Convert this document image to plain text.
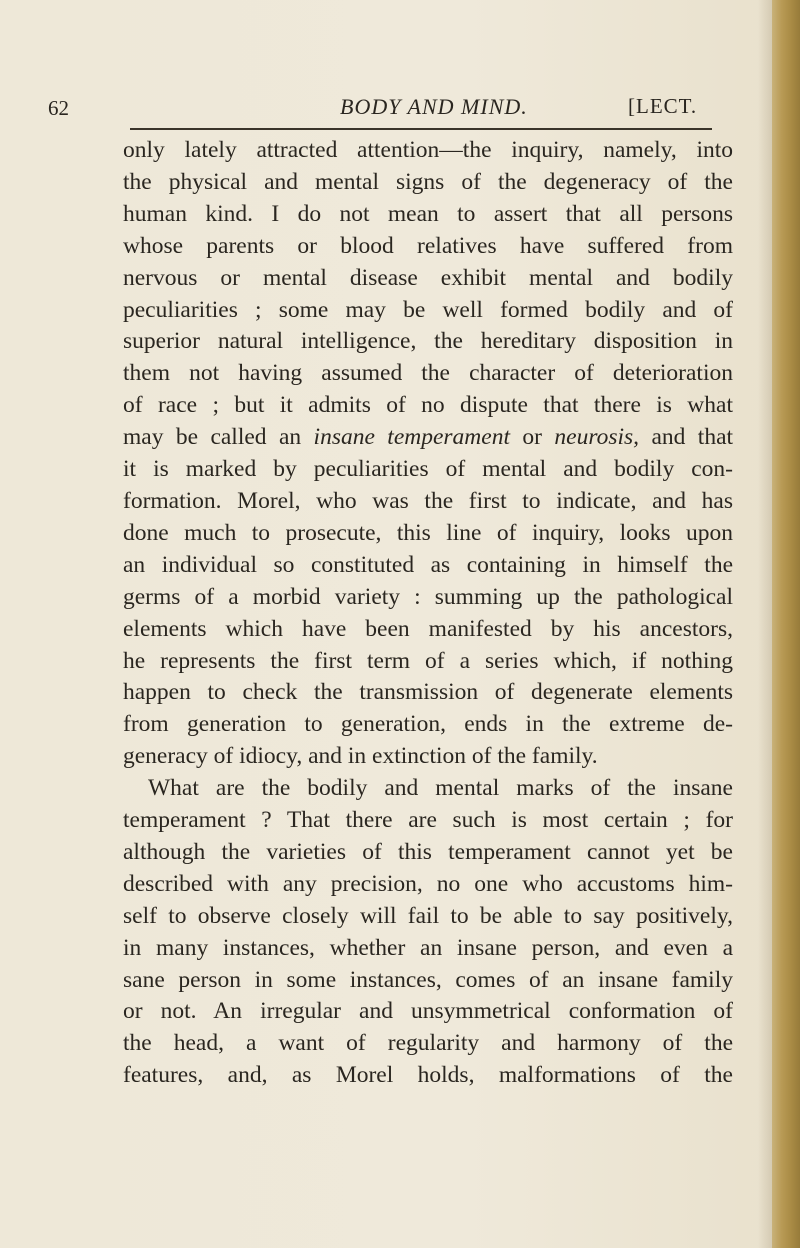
62	BODY AND MIND.	[LECT.
only lately attracted attention—the inquiry, namely, into
the physical and mental signs of the degeneracy of the
human kind. I do not mean to assert that all persons
whose parents or blood relatives have suffered from
nervous or mental disease exhibit mental and bodily
peculiarities ; some may be well formed bodily and of
superior natural intelligence, the hereditary disposition in
them not having assumed the character of deterioration
of race ; but it admits of no dispute that there is what
may be called an insane temperament or neurosis, and that
it is marked by peculiarities of mental and bodily con-
formation. Morel, who was the first to indicate, and has
done much to prosecute, this line of inquiry, looks upon
an individual so constituted as containing in himself the
germs of a morbid variety : summing up the pathological
elements which have been manifested by his ancestors,
he represents the first term of a series which, if nothing
happen to check the transmission of degenerate elements
from generation to generation, ends in the extreme de-
generacy of idiocy, and in extinction of the family.
What are the bodily and mental marks of the insane
temperament ? That there are such is most certain ; for
although the varieties of this temperament cannot yet be
described with any precision, no one who accustoms him-
self to observe closely will fail to be able to say positively,
in many instances, whether an insane person, and even a
sane person in some instances, comes of an insane family
or not. An irregular and unsymmetrical conformation of
the head, a want of regularity and harmony of the
features, and, as Morel holds, malformations of the
